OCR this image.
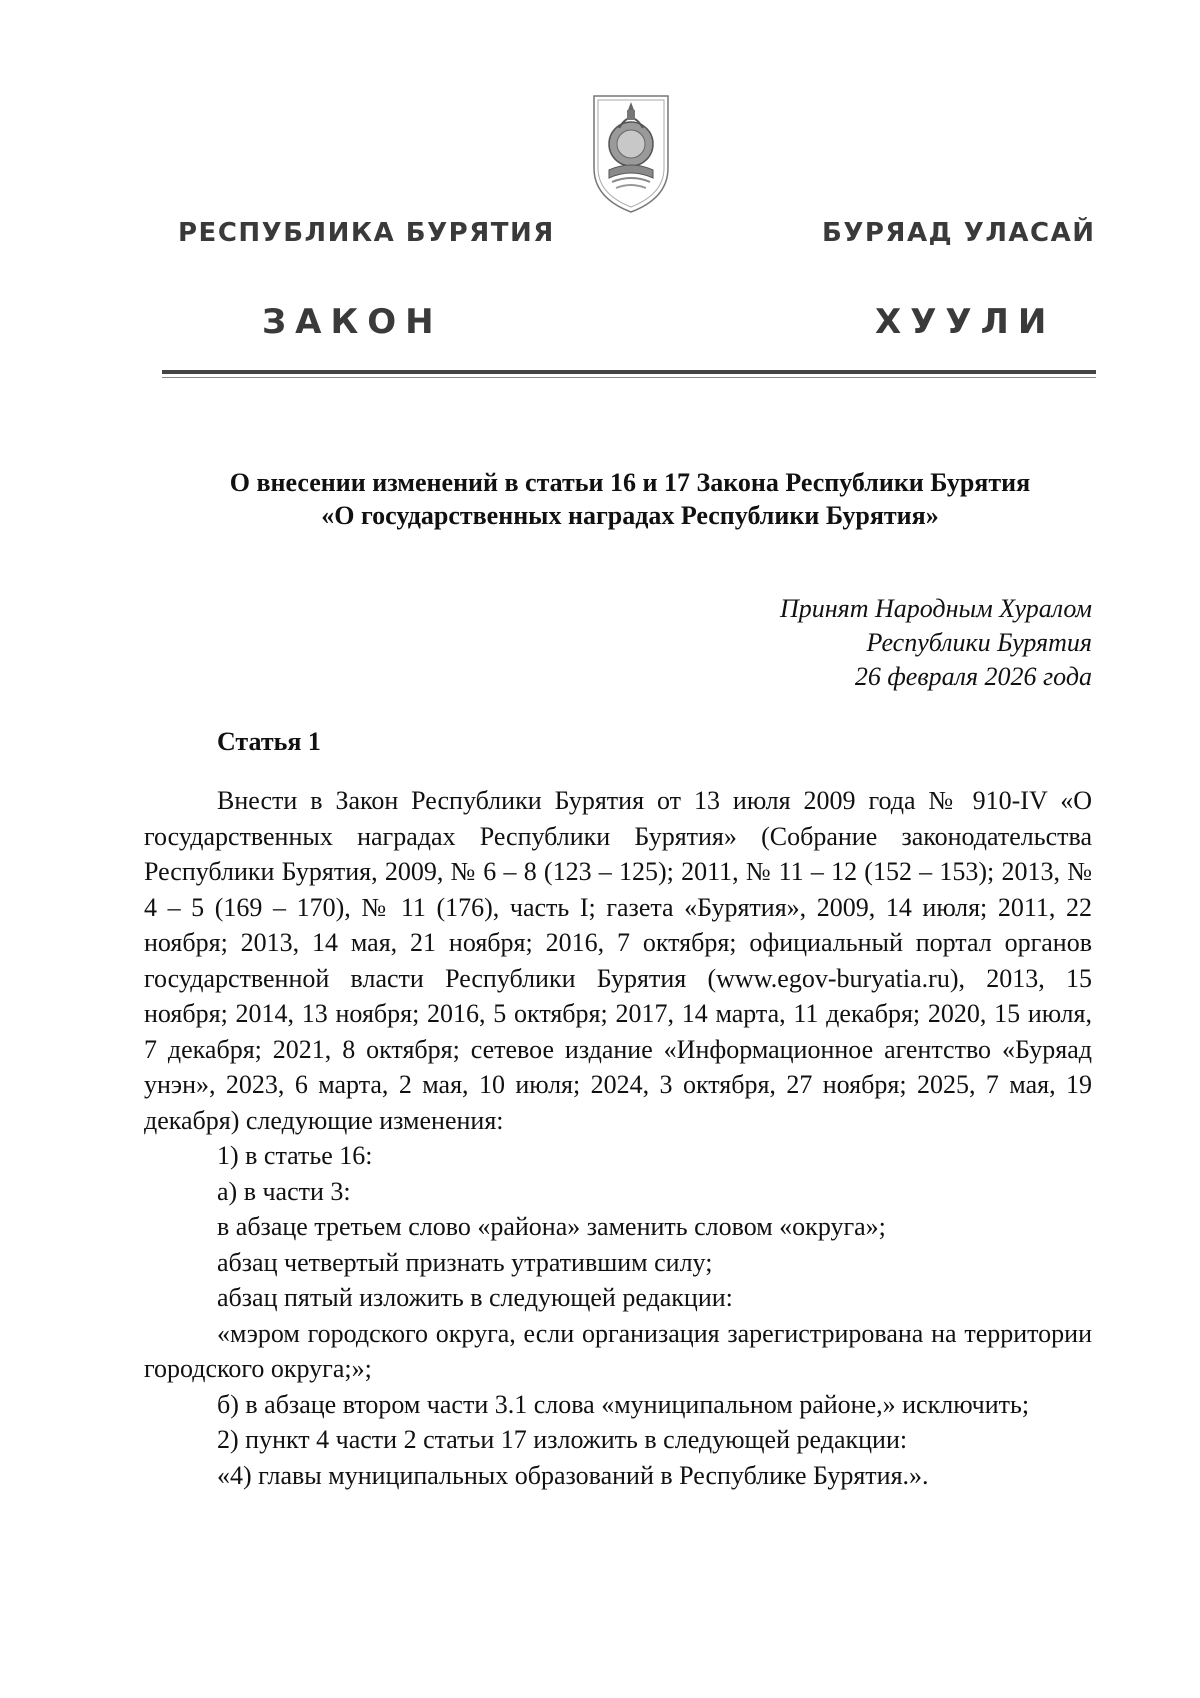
РЕСПУБЛИКА БУРЯТИЯ	БУРЯАД УЛАСАЙ
ЗАКОН	ХУУЛИ
О внесении изменений в статьи 16 и 17 Закона Республики Бурятия
«О государственных наградах Республики Бурятия»
Принят Народным Хуралом
Республики Бурятия
26 февраля 2026 года
Статья 1

Внести в Закон Республики Бурятия от 13 июля 2009 года № 910-IV «О государственных наградах Республики Бурятия» (Собрание законодательства Республики Бурятия, 2009, № 6 – 8 (123 – 125); 2011, № 11 – 12 (152 – 153); 2013, № 4 – 5 (169 – 170), № 11 (176), часть I; газета «Бурятия», 2009, 14 июля; 2011, 22 ноября; 2013, 14 мая, 21 ноября; 2016, 7 октября; официальный портал органов государственной власти Республики Бурятия (www.egov-buryatia.ru), 2013, 15 ноября; 2014, 13 ноября; 2016, 5 октября; 2017, 14 марта, 11 декабря; 2020, 15 июля, 7 декабря; 2021, 8 октября; сетевое издание «Информационное агентство «Буряад унэн», 2023, 6 марта, 2 мая, 10 июля; 2024, 3 октября, 27 ноября; 2025, 7 мая, 19 декабря) следующие изменения:

1) в статье 16:

а) в части 3:

в абзаце третьем слово «района» заменить словом «округа»;

абзац четвертый признать утратившим силу;

абзац пятый изложить в следующей редакции:

«мэром городского округа, если организация зарегистрирована на территории городского округа;»;

б) в абзаце втором части 3.1 слова «муниципальном районе,» исключить;

2) пункт 4 части 2 статьи 17 изложить в следующей редакции:

«4) главы муниципальных образований в Республике Бурятия.».
